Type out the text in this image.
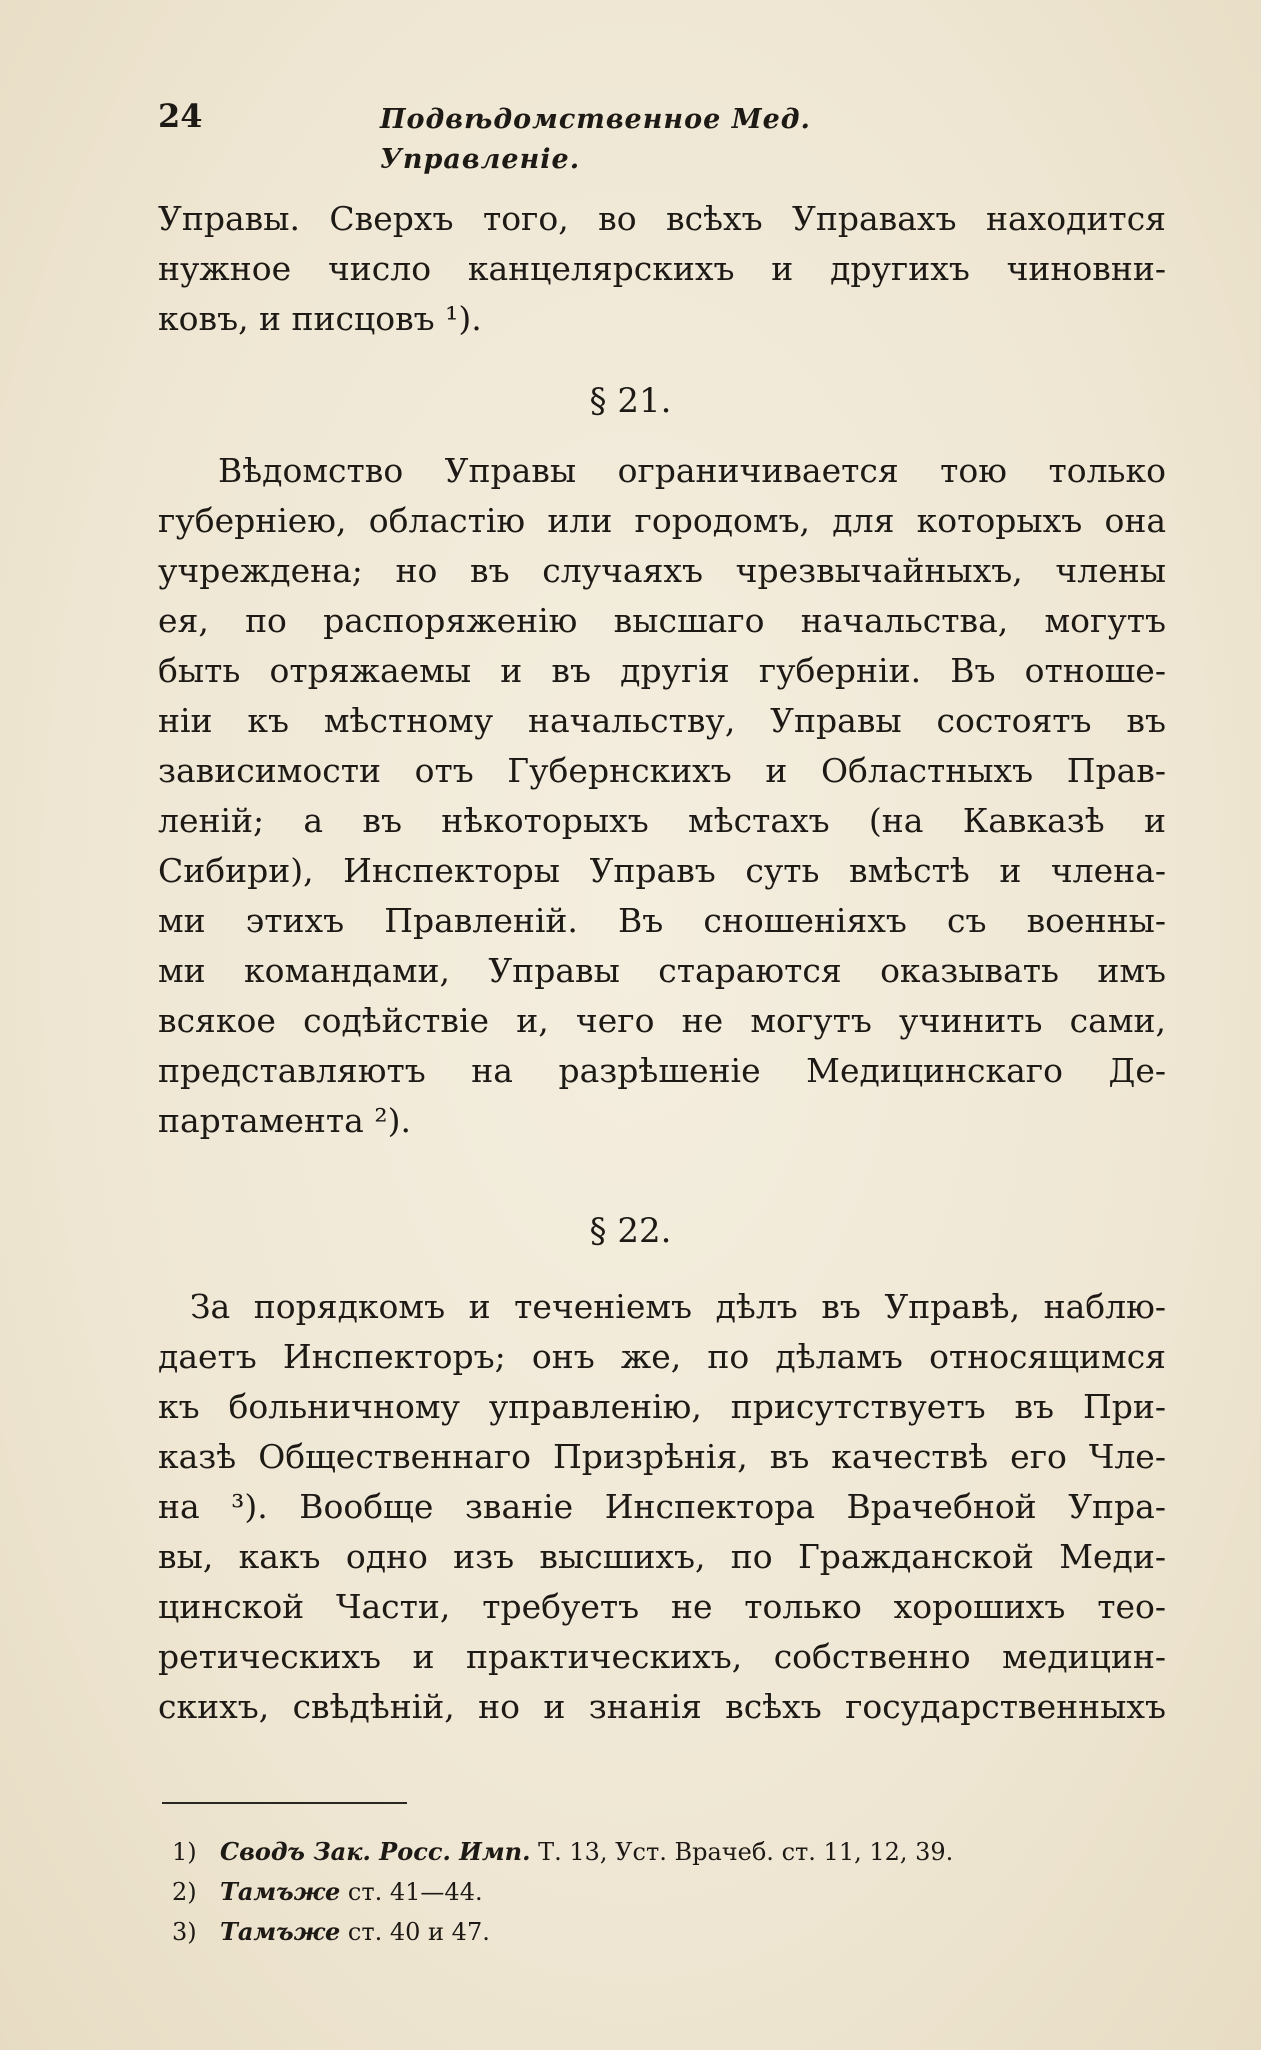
24	Подвѣдомственное Мед. Управленіе.
Управы. Сверхъ того, во всѣхъ Управахъ находится
нужное число канцелярскихъ и другихъ чиновни-
ковъ, и писцовъ ¹).
§ 21.
Вѣдомство Управы ограничивается тою только
губерніею, областію или городомъ, для которыхъ она
учреждена; но въ случаяхъ чрезвычайныхъ, члены
ея, по распоряженію высшаго начальства, могутъ
быть отряжаемы и въ другія губерніи. Въ отноше-
ніи къ мѣстному начальству, Управы состоятъ въ
зависимости отъ Губернскихъ и Областныхъ Прав-
леній; а въ нѣкоторыхъ мѣстахъ (на Кавказѣ и
Сибири), Инспекторы Управъ суть вмѣстѣ и члена-
ми этихъ Правленій. Въ сношеніяхъ съ военны-
ми командами, Управы стараются оказывать имъ
всякое содѣйствіе и, чего не могутъ учинить сами,
представляютъ на разрѣшеніе Медицинскаго Де-
партамента ²).
§ 22.
За порядкомъ и теченіемъ дѣлъ въ Управѣ, наблю-
даетъ Инспекторъ; онъ же, по дѣламъ относящимся
къ больничному управленію, присутствуетъ въ При-
казѣ Общественнаго Призрѣнія, въ качествѣ его Чле-
на ³). Вообще званіе Инспектора Врачебной Упра-
вы, какъ одно изъ высшихъ, по Гражданской Меди-
цинской Части, требуетъ не только хорошихъ тео-
ретическихъ и практическихъ, собственно медицин-
скихъ, свѣдѣній, но и знанія всѣхъ государственныхъ
1) Сводъ Зак. Росс. Имп. Т. 13, Уст. Врачеб. ст. 11, 12, 39.
2) Тамъже ст. 41—44.
3) Тамъже ст. 40 и 47.
